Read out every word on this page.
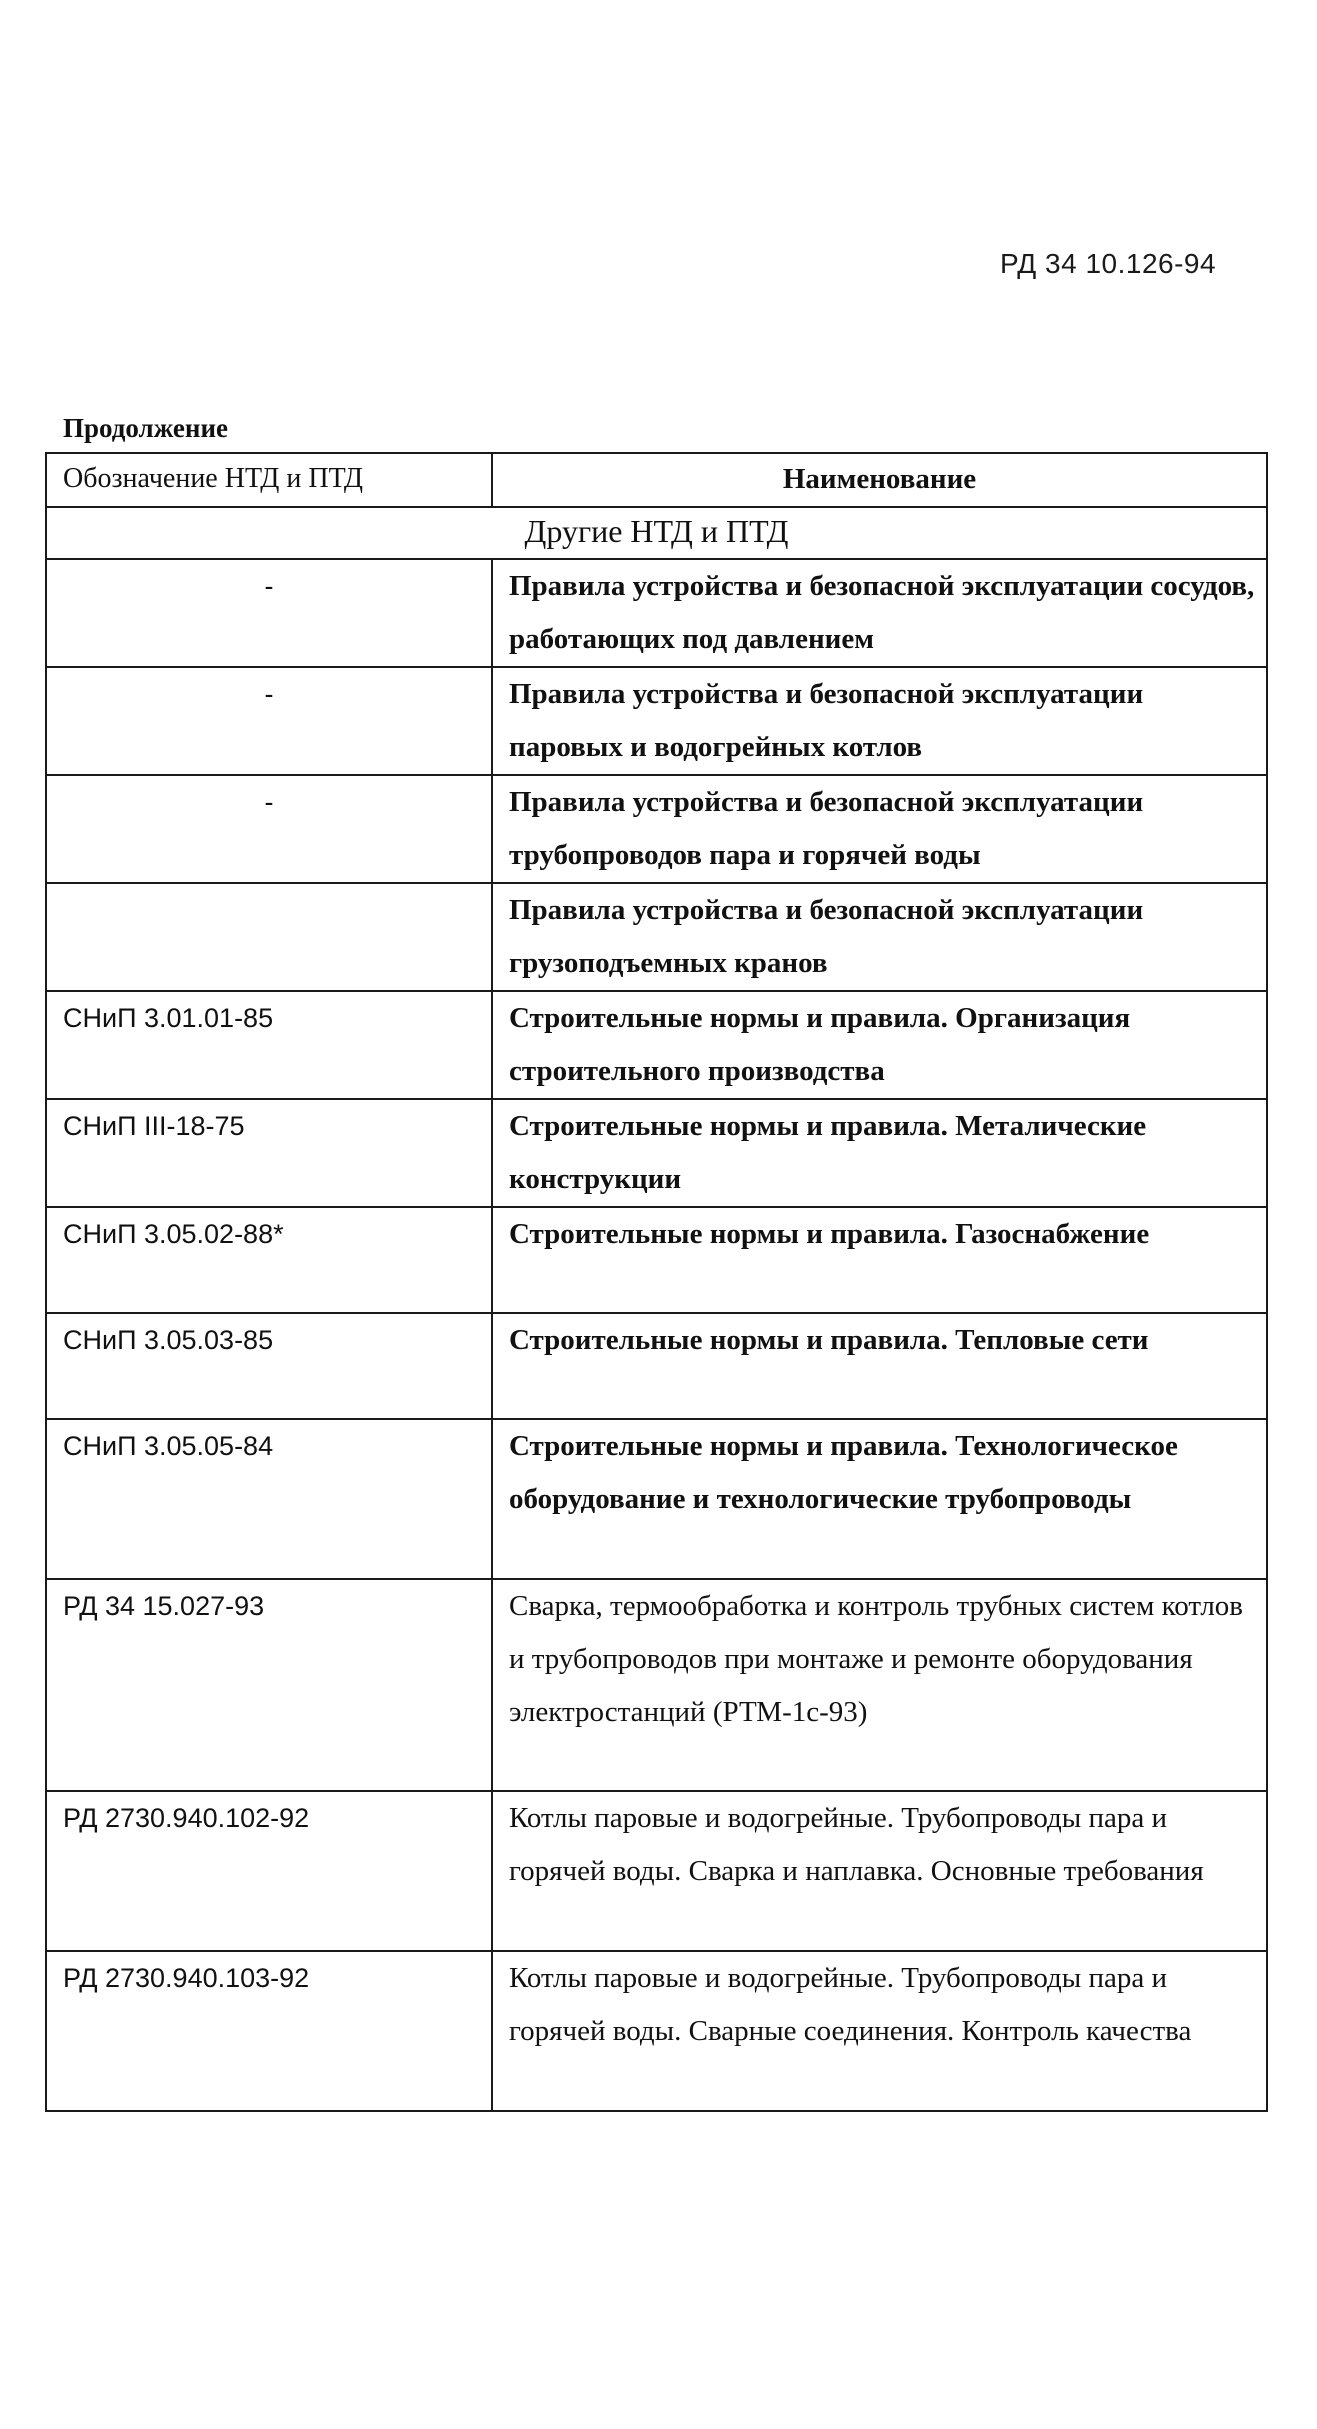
РД 34 10.126-94
Продолжение
Обозначение НТД и ПТД	Наименование
Другие НТД и ПТД	
-	Правила устройства и безопасной эксплуатации сосудов, работающих под давлением
-	Правила устройства и безопасной эксплуатации паровых и водогрейных котлов
-	Правила устройства и безопасной эксплуатации трубопроводов пара и горячей воды
	Правила устройства и безопасной эксплуатации грузоподъемных кранов
СНиП 3.01.01-85	Строительные нормы и правила. Организация строительного производства
СНиП III-18-75	Строительные нормы и правила. Металические конструкции
СНиП 3.05.02-88*	Строительные нормы и правила. Газоснабжение
СНиП 3.05.03-85	Строительные нормы и правила. Тепловые сети
СНиП 3.05.05-84	Строительные нормы и правила. Технологическое оборудование и технологические трубопроводы
РД 34 15.027-93	Сварка, термообработка и контроль трубных систем котлов и трубопроводов при монтаже и ремонте оборудования электростанций (РТМ-1с-93)
РД 2730.940.102-92	Котлы паровые и водогрейные. Трубопроводы пара и горячей воды. Сварка и наплавка. Основные требования
РД 2730.940.103-92	Котлы паровые и водогрейные. Трубопроводы пара и горячей воды. Сварные соединения. Контроль качества
